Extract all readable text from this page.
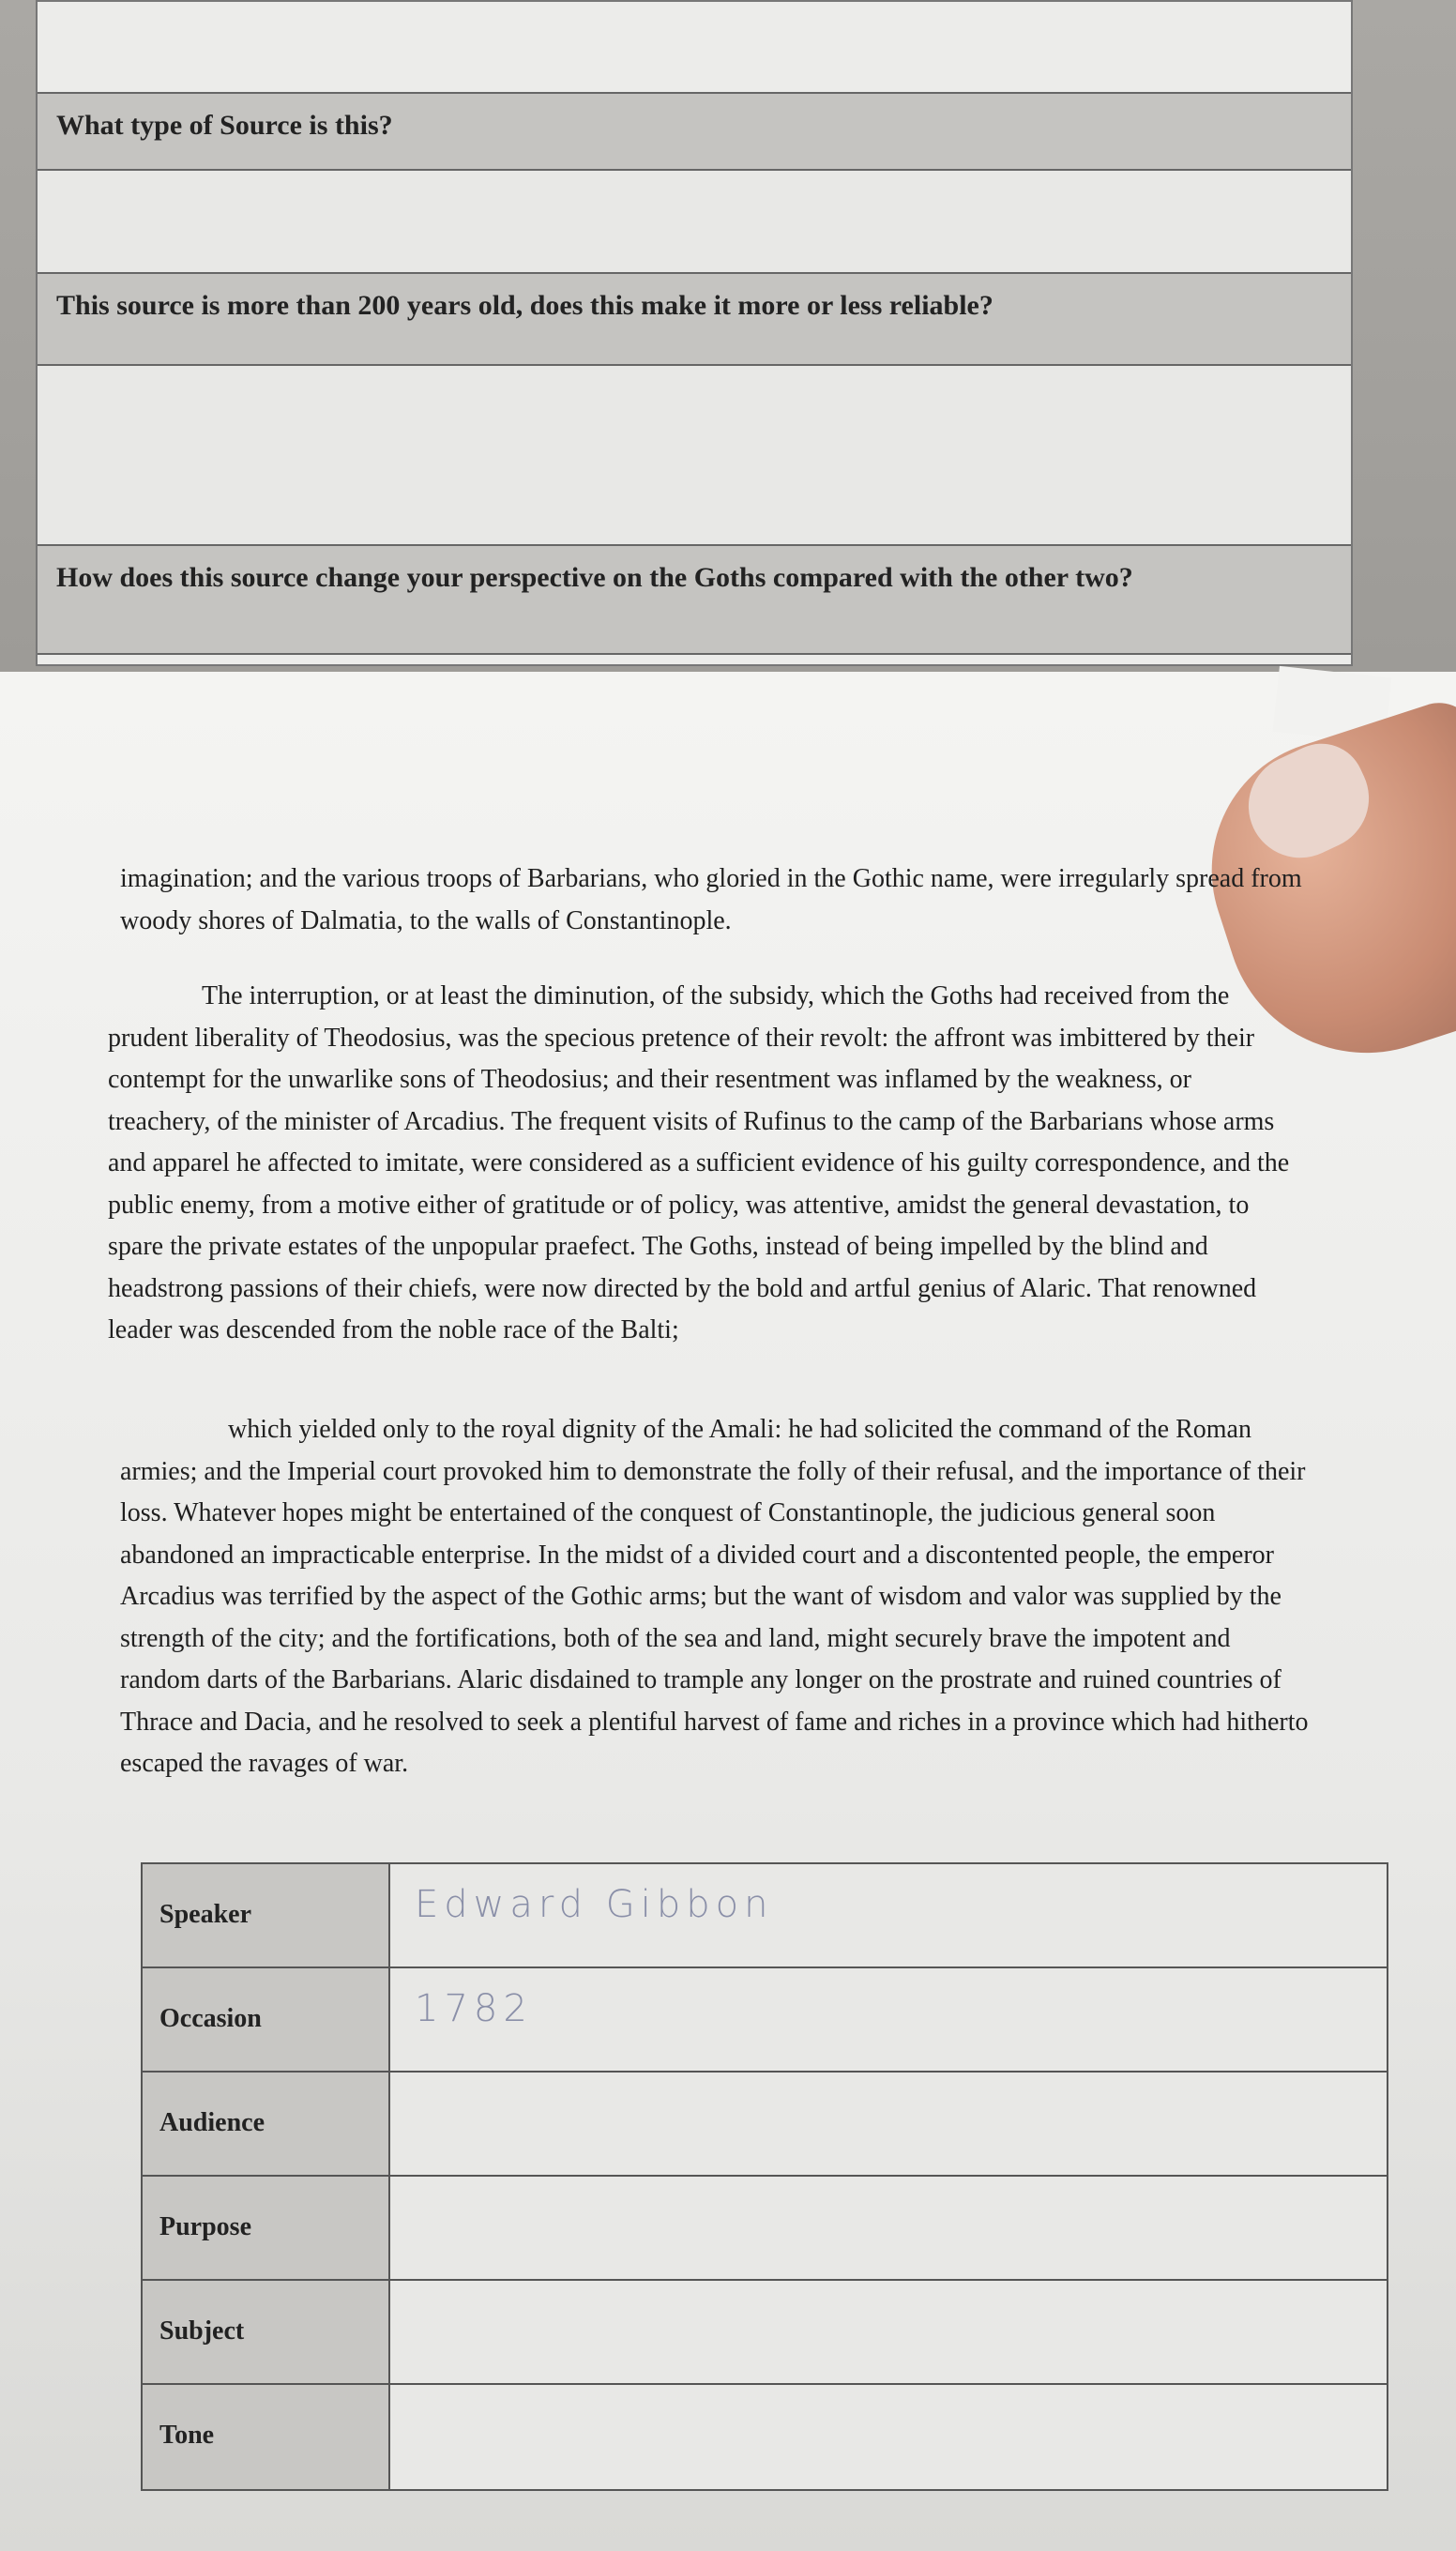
What type of Source is this?
This source is more than 200 years old, does this make it more or less reliable?
How does this source change your perspective on the Goths compared with the other two?

imagination; and the various troops of Barbarians, who gloried in the Gothic name, were irregularly spread from woody shores of Dalmatia, to the walls of Constantinople.

The interruption, or at least the diminution, of the subsidy, which the Goths had received from the prudent liberality of Theodosius, was the specious pretence of their revolt: the affront was imbittered by their contempt for the unwarlike sons of Theodosius; and their resentment was inflamed by the weakness, or treachery, of the minister of Arcadius. The frequent visits of Rufinus to the camp of the Barbarians whose arms and apparel he affected to imitate, were considered as a sufficient evidence of his guilty correspondence, and the public enemy, from a motive either of gratitude or of policy, was attentive, amidst the general devastation, to spare the private estates of the unpopular praefect. The Goths, instead of being impelled by the blind and headstrong passions of their chiefs, were now directed by the bold and artful genius of Alaric. That renowned leader was descended from the noble race of the Balti;

which yielded only to the royal dignity of the Amali: he had solicited the command of the Roman armies; and the Imperial court provoked him to demonstrate the folly of their refusal, and the importance of their loss. Whatever hopes might be entertained of the conquest of Constantinople, the judicious general soon abandoned an impracticable enterprise. In the midst of a divided court and a discontented people, the emperor Arcadius was terrified by the aspect of the Gothic arms; but the want of wisdom and valor was supplied by the strength of the city; and the fortifications, both of the sea and land, might securely brave the impotent and random darts of the Barbarians. Alaric disdained to trample any longer on the prostrate and ruined countries of Thrace and Dacia, and he resolved to seek a plentiful harvest of fame and riches in a province which had hitherto escaped the ravages of war.

Speaker	Edward Gibbon
Occasion	1782
Audience
Purpose
Subject
Tone
